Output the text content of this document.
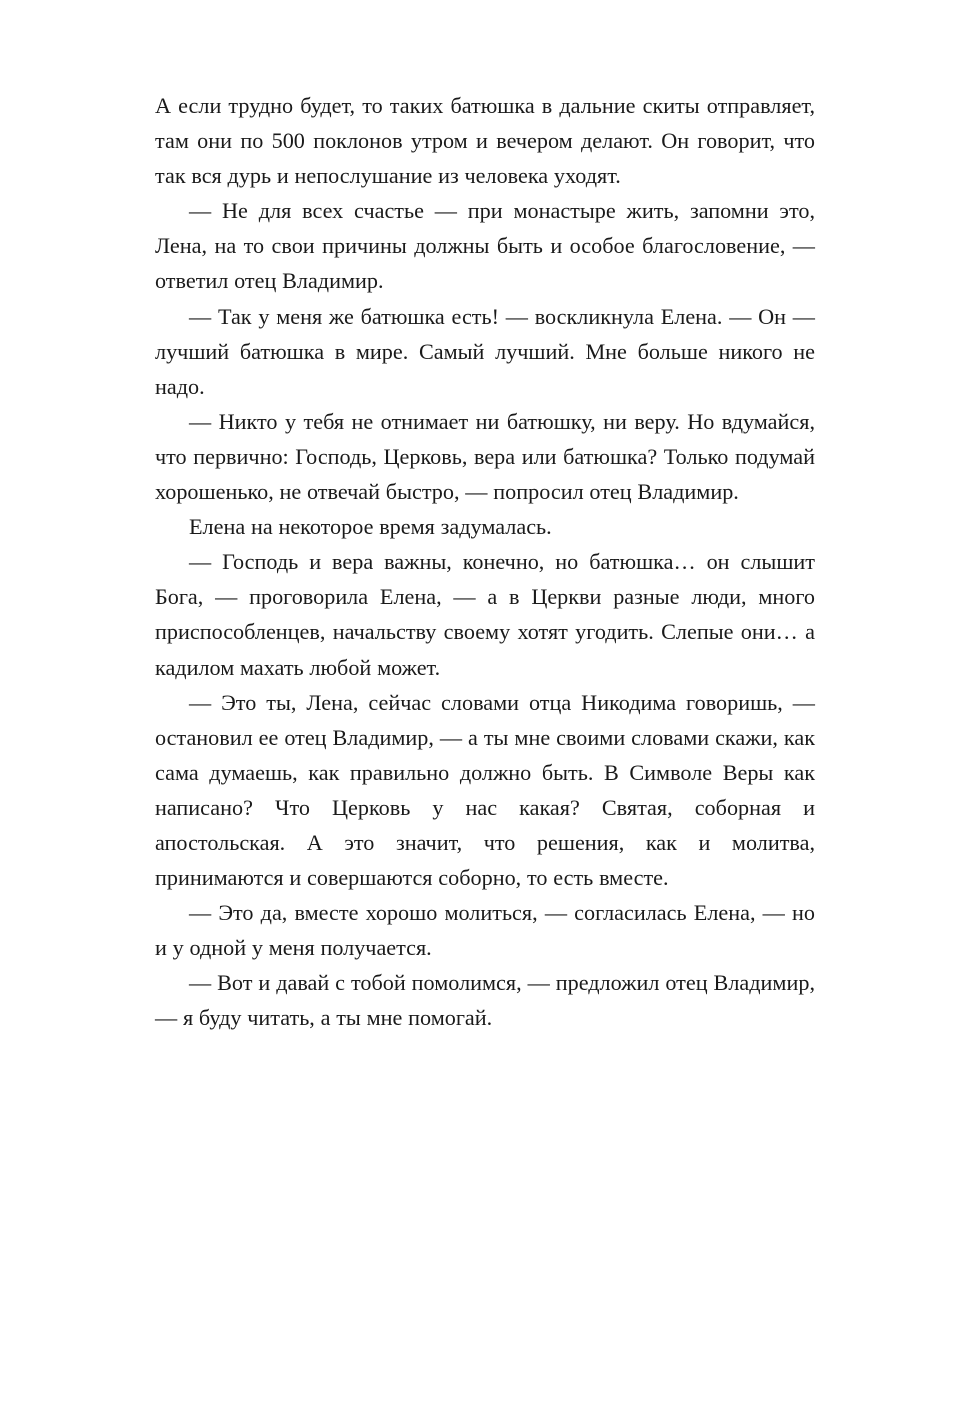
А если трудно будет, то таких батюшка в дальние скиты отправляет, там они по 500 поклонов утром и вечером делают. Он говорит, что так вся дурь и непослушание из человека уходят.

— Не для всех счастье — при монастыре жить, запомни это, Лена, на то свои причины должны быть и особое благословение, — ответил отец Владимир.

— Так у меня же батюшка есть! — воскликнула Елена. — Он — лучший батюшка в мире. Самый лучший. Мне больше никого не надо.

— Никто у тебя не отнимает ни батюшку, ни веру. Но вдумайся, что первично: Господь, Церковь, вера или батюшка? Только подумай хорошенько, не отвечай быстро, — попросил отец Владимир.

Елена на некоторое время задумалась.

— Господь и вера важны, конечно, но батюшка… он слышит Бога, — проговорила Елена, — а в Церкви разные люди, много приспособленцев, начальству своему хотят угодить. Слепые они… а кадилом махать любой может.

— Это ты, Лена, сейчас словами отца Никодима говоришь, — остановил ее отец Владимир, — а ты мне своими словами скажи, как сама думаешь, как правильно должно быть. В Символе Веры как написано? Что Церковь у нас какая? Святая, соборная и апостольская. А это значит, что решения, как и молитва, принимаются и совершаются соборно, то есть вместе.

— Это да, вместе хорошо молиться, — согласилась Елена, — но и у одной у меня получается.

— Вот и давай с тобой помолимся, — предложил отец Владимир, — я буду читать, а ты мне помогай.
